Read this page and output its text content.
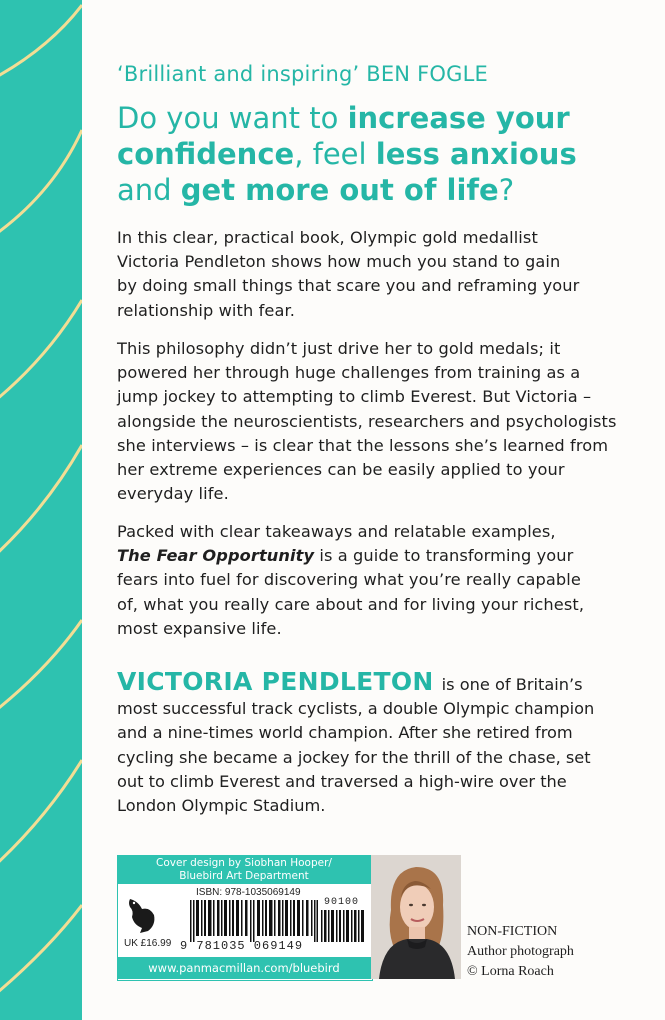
‘Brilliant and inspiring’ BEN FOGLE
Do you want to increase your
confidence, feel less anxious
and get more out of life?
In this clear, practical book, Olympic gold medallist
Victoria Pendleton shows how much you stand to gain
by doing small things that scare you and reframing your
relationship with fear.
This philosophy didn’t just drive her to gold medals; it
powered her through huge challenges from training as a
jump jockey to attempting to climb Everest. But Victoria –
alongside the neuroscientists, researchers and psychologists
she interviews – is clear that the lessons she’s learned from
her extreme experiences can be easily applied to your
everyday life.
Packed with clear takeaways and relatable examples,
The Fear Opportunity is a guide to transforming your
fears into fuel for discovering what you’re really capable
of, what you really care about and for living your richest,
most expansive life.
VICTORIA PENDLETON is one of Britain’s
most successful track cyclists, a double Olympic champion
and a nine-times world champion. After she retired from
cycling she became a jockey for the thrill of the chase, set
out to climb Everest and traversed a high-wire over the
London Olympic Stadium.
Cover design by Siobhan Hooper/
Bluebird Art Department
ISBN: 978-1035069149
UK £16.99
90100
9 781035 069149
www.panmacmillan.com/bluebird
NON-FICTION
Author photograph
© Lorna Roach
